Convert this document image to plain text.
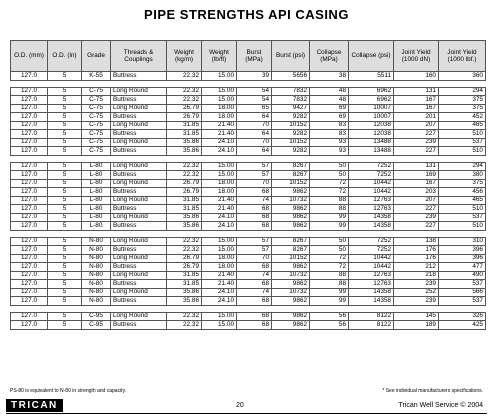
PIPE STRENGTHS API CASING
O.D. (mm)	O.D. (in)	Grade	Threads & Couplings	Weight (kg/m)	Weight (lb/ft)	Burst (MPa)	Burst (psi)	Collapse (MPa)	Collapse (psi)	Joint Yield (1000 dN)	Joint Yield (1000 lbf.)
127.0	5	K-55	Buttress	22.32	15.00	39	5656	38	5511	160	360

127.0	5	C-75	Long Round	22.32	15.00	54	7832	48	6962	131	294
127.0	5	C-75	Buttress	22.32	15.00	54	7832	48	6962	167	375
127.0	5	C-75	Long Round	26.79	18.00	65	9427	69	10007	167	375
127.0	5	C-75	Buttress	26.79	18.00	64	9282	69	10007	201	452
127.0	5	C-75	Long Round	31.85	21.40	70	10152	83	12038	207	465
127.0	5	C-75	Buttress	31.85	21.40	64	9282	83	12038	227	510
127.0	5	C-75	Long Round	35.86	24.10	70	10152	93	13488	239	537
127.0	5	C-75	Buttress	35.86	24.10	64	9282	93	13488	227	510

127.0	5	L-80	Long Round	22.32	15.00	57	8267	50	7252	131	294
127.0	5	L-80	Buttress	22.32	15.00	57	8267	50	7252	169	380
127.0	5	L-80	Long Round	26.79	18.00	70	10152	72	10442	167	375
127.0	5	L-80	Buttress	26.79	18.00	68	9862	72	10442	203	456
127.0	5	L-80	Long Round	31.85	21.40	74	10732	88	12763	207	465
127.0	5	L-80	Buttress	31.85	21.40	68	9862	88	12763	227	510
127.0	5	L-80	Long Round	35.86	24.10	68	9862	99	14358	239	537
127.0	5	L-80	Buttress	35.86	24.10	68	9862	99	14358	227	510

127.0	5	N-80	Long Round	22.32	15.00	57	8267	50	7252	138	310
127.0	5	N-80	Buttress	22.32	15.00	57	8267	50	7252	176	396
127.0	5	N-80	Long Round	26.79	18.00	70	10152	72	10442	176	396
127.0	5	N-80	Buttress	26.79	18.00	68	9862	72	10442	212	477
127.0	5	N-80	Long Round	31.85	21.40	74	10732	88	12763	218	490
127.0	5	N-80	Buttress	31.85	21.40	68	9862	88	12763	239	537
127.0	5	N-80	Long Round	35.86	24.10	74	10732	99	14358	252	566
127.0	5	N-80	Buttress	35.86	24.10	68	9862	99	14358	239	537

127.0	5	C-95	Long Round	22.32	15.00	68	9862	56	8122	145	326
127.0	5	C-95	Buttress	22.32	15.00	68	9862	56	8122	189	425
PS-80 is equivalent to N-80 in strength and capacity.	* See individual manufacturers specifications.
TRICAN	20	Trican Well Service © 2004
